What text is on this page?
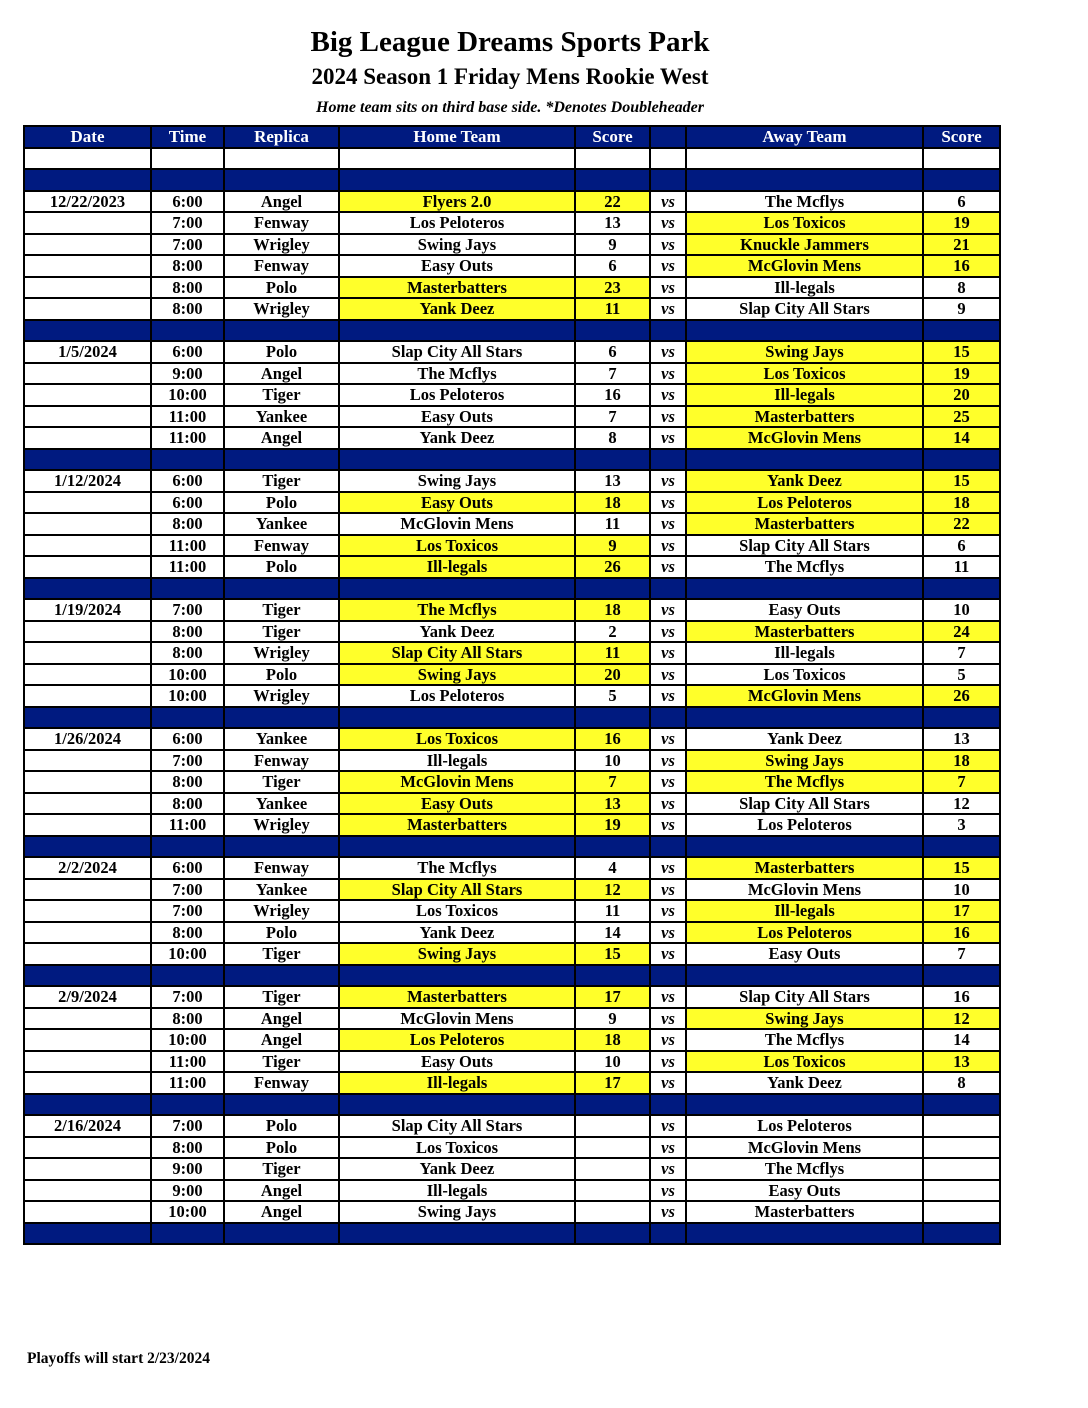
Big League Dreams Sports Park
2024 Season 1 Friday Mens Rookie West
Home team sits on third base side. *Denotes Doubleheader
Date	Time	Replica	Home Team	Score		Away Team	Score

12/22/2023	6:00	Angel	Flyers 2.0	22	vs	The Mcflys	6
	7:00	Fenway	Los Peloteros	13	vs	Los Toxicos	19
	7:00	Wrigley	Swing Jays	9	vs	Knuckle Jammers	21
	8:00	Fenway	Easy Outs	6	vs	McGlovin Mens	16
	8:00	Polo	Masterbatters	23	vs	Ill-legals	8
	8:00	Wrigley	Yank Deez	11	vs	Slap City All Stars	9

1/5/2024	6:00	Polo	Slap City All Stars	6	vs	Swing Jays	15
	9:00	Angel	The Mcflys	7	vs	Los Toxicos	19
	10:00	Tiger	Los Peloteros	16	vs	Ill-legals	20
	11:00	Yankee	Easy Outs	7	vs	Masterbatters	25
	11:00	Angel	Yank Deez	8	vs	McGlovin Mens	14

1/12/2024	6:00	Tiger	Swing Jays	13	vs	Yank Deez	15
	6:00	Polo	Easy Outs	18	vs	Los Peloteros	18
	8:00	Yankee	McGlovin Mens	11	vs	Masterbatters	22
	11:00	Fenway	Los Toxicos	9	vs	Slap City All Stars	6
	11:00	Polo	Ill-legals	26	vs	The Mcflys	11

1/19/2024	7:00	Tiger	The Mcflys	18	vs	Easy Outs	10
	8:00	Tiger	Yank Deez	2	vs	Masterbatters	24
	8:00	Wrigley	Slap City All Stars	11	vs	Ill-legals	7
	10:00	Polo	Swing Jays	20	vs	Los Toxicos	5
	10:00	Wrigley	Los Peloteros	5	vs	McGlovin Mens	26

1/26/2024	6:00	Yankee	Los Toxicos	16	vs	Yank Deez	13
	7:00	Fenway	Ill-legals	10	vs	Swing Jays	18
	8:00	Tiger	McGlovin Mens	7	vs	The Mcflys	7
	8:00	Yankee	Easy Outs	13	vs	Slap City All Stars	12
	11:00	Wrigley	Masterbatters	19	vs	Los Peloteros	3

2/2/2024	6:00	Fenway	The Mcflys	4	vs	Masterbatters	15
	7:00	Yankee	Slap City All Stars	12	vs	McGlovin Mens	10
	7:00	Wrigley	Los Toxicos	11	vs	Ill-legals	17
	8:00	Polo	Yank Deez	14	vs	Los Peloteros	16
	10:00	Tiger	Swing Jays	15	vs	Easy Outs	7

2/9/2024	7:00	Tiger	Masterbatters	17	vs	Slap City All Stars	16
	8:00	Angel	McGlovin Mens	9	vs	Swing Jays	12
	10:00	Angel	Los Peloteros	18	vs	The Mcflys	14
	11:00	Tiger	Easy Outs	10	vs	Los Toxicos	13
	11:00	Fenway	Ill-legals	17	vs	Yank Deez	8

2/16/2024	7:00	Polo	Slap City All Stars		vs	Los Peloteros	
	8:00	Polo	Los Toxicos		vs	McGlovin Mens	
	9:00	Tiger	Yank Deez		vs	The Mcflys	
	9:00	Angel	Ill-legals		vs	Easy Outs	
	10:00	Angel	Swing Jays		vs	Masterbatters	

Playoffs will start 2/23/2024
